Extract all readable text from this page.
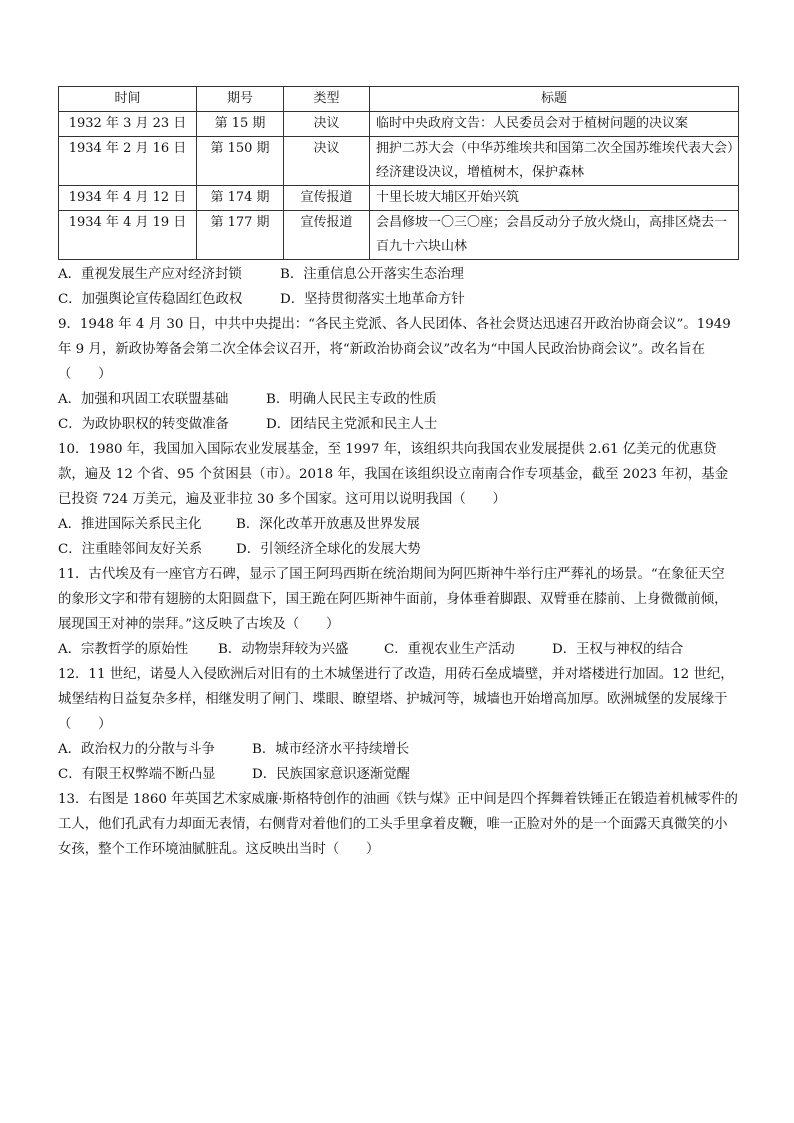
时间	期号	类型	标题
1932 年 3 月 23 日	第 15 期	决议	临时中央政府文告：人民委员会对于植树问题的决议案
1934 年 2 月 16 日	第 150 期	决议	拥护二苏大会（中华苏维埃共和国第二次全国苏维埃代表大会）经济建设决议，增植树木，保护森林
1934 年 4 月 12 日	第 174 期	宣传报道	十里长坡大埔区开始兴筑
1934 年 4 月 19 日	第 177 期	宣传报道	会昌修坡一〇三〇座；会昌反动分子放火烧山，高排区烧去一百九十六块山林

A．重视发展生产应对经济封锁	B．注重信息公开落实生态治理

C．加强舆论宣传稳固红色政权	D．坚持贯彻落实土地革命方针

9．1948 年 4 月 30 日，中共中央提出：“各民主党派、各人民团体、各社会贤达迅速召开政治协商会议”。1949 年 9 月，新政协筹备会第二次全体会议召开，将“新政治协商会议”改名为“中国人民政治协商会议”。改名旨在（　　）

A．加强和巩固工农联盟基础	B．明确人民民主专政的性质

C．为政协职权的转变做准备	D．团结民主党派和民主人士

10．1980 年，我国加入国际农业发展基金，至 1997 年，该组织共向我国农业发展提供 2.61 亿美元的优惠贷款，遍及 12 个省、95 个贫困县（市）。2018 年，我国在该组织设立南南合作专项基金，截至 2023 年初，基金已投资 724 万美元，遍及亚非拉 30 多个国家。这可用以说明我国（　　）

A．推进国际关系民主化	B．深化改革开放惠及世界发展

C．注重睦邻间友好关系	D．引领经济全球化的发展大势

11．古代埃及有一座官方石碑，显示了国王阿玛西斯在统治期间为阿匹斯神牛举行庄严葬礼的场景。“在象征天空的象形文字和带有翅膀的太阳圆盘下，国王跪在阿匹斯神牛面前，身体垂着脚跟、双臂垂在膝前、上身微微前倾，展现国王对神的崇拜。”这反映了古埃及（　　）

A．宗教哲学的原始性 B．动物崇拜较为兴盛	C．重视农业生产活动	D．王权与神权的结合

12．11 世纪，诺曼人入侵欧洲后对旧有的土木城堡进行了改造，用砖石垒成墙壁，并对塔楼进行加固。12 世纪，城堡结构日益复杂多样，相继发明了闸门、堞眼、瞭望塔、护城河等，城墙也开始增高加厚。欧洲城堡的发展缘于（　　）

A．政治权力的分散与斗争	B．城市经济水平持续增长

C．有限王权弊端不断凸显	D．民族国家意识逐渐觉醒

13．右图是 1860 年英国艺术家威廉·斯格特创作的油画《铁与煤》正中间是四个挥舞着铁锤正在锻造着机械零件的工人，他们孔武有力却面无表情，右侧背对着他们的工头手里拿着皮鞭，唯一正脸对外的是一个面露天真微笑的小女孩，整个工作环境油腻脏乱。这反映出当时（　　）
